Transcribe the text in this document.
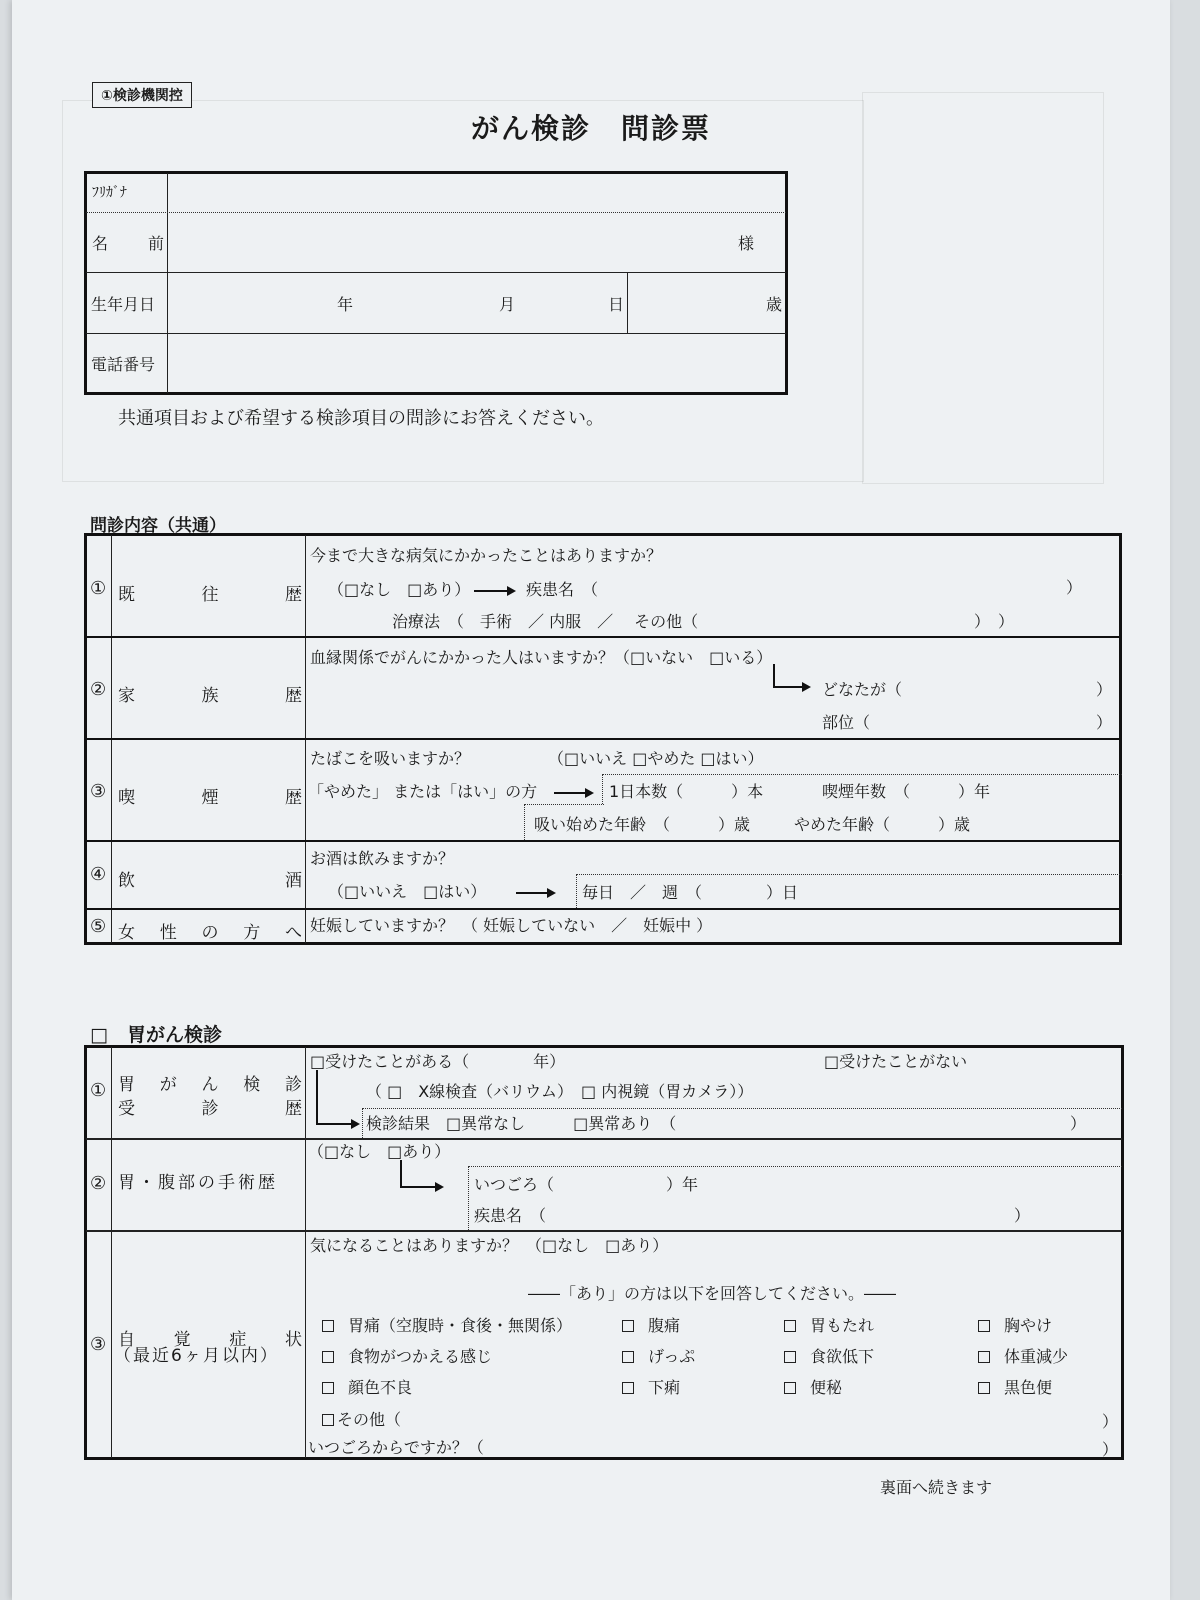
①検診機関控
がん検診　問診票
ﾌﾘｶﾞﾅ
名 前	様
生年月日	年	月	日	歳
電話番号
共通項目および希望する検診項目の問診にお答えください。
問診内容（共通）
① 既	往	歴
今まで大きな病気にかかったことはありますか？
（□なし　□あり）	疾患名　（	）
治療法　（　手術　／ 内服　／　 その他（	）　）
② 家	族	歴
血縁関係でがんにかかった人はいますか？（□いない　□いる）
どなたが（	）
部位（	）
③ 喫	煙	歴
たばこを吸いますか？	（□いいえ □やめた □はい）
「やめた」 または「はい」の方	1日本数（　　　）本	喫煙年数　（　　　）年
吸い始めた年齢　（　　　）歳	やめた年齢（　　　）歳
④ 飲	酒
お酒は飲みますか？
（□いいえ　□はい）	毎日　／　週　（　　　　）日
⑤ 女 性 の 方 へ 妊娠していますか？　（ 妊娠していない　／　妊娠中 ）
□　胃がん検診
① 胃 が ん 検 診
受	診	歴
□受けたことがある（　　　　年）	□受けたことがない
（ □　X線検査（バリウム）　□ 内視鏡（胃カメラ））
検診結果　□異常なし　　　□異常あり　（	）
② 胃・腹部の手術歴
（□なし　□あり）
いつごろ（　　　　　　　）年
疾患名　（	）
③ 自 覚 症 状
（最近6ヶ月以内）
気になることはありますか？　（□なし　□あり）
――「あり」の方は以下を回答してください。――
胃痛（空腹時・食後・無関係）	腹痛	胃もたれ	胸やけ
食物がつかえる感じ	げっぷ	食欲低下	体重減少
顔色不良	下痢	便秘	黒色便
その他（	）
いつごろからですか？（	）
裏面へ続きます
